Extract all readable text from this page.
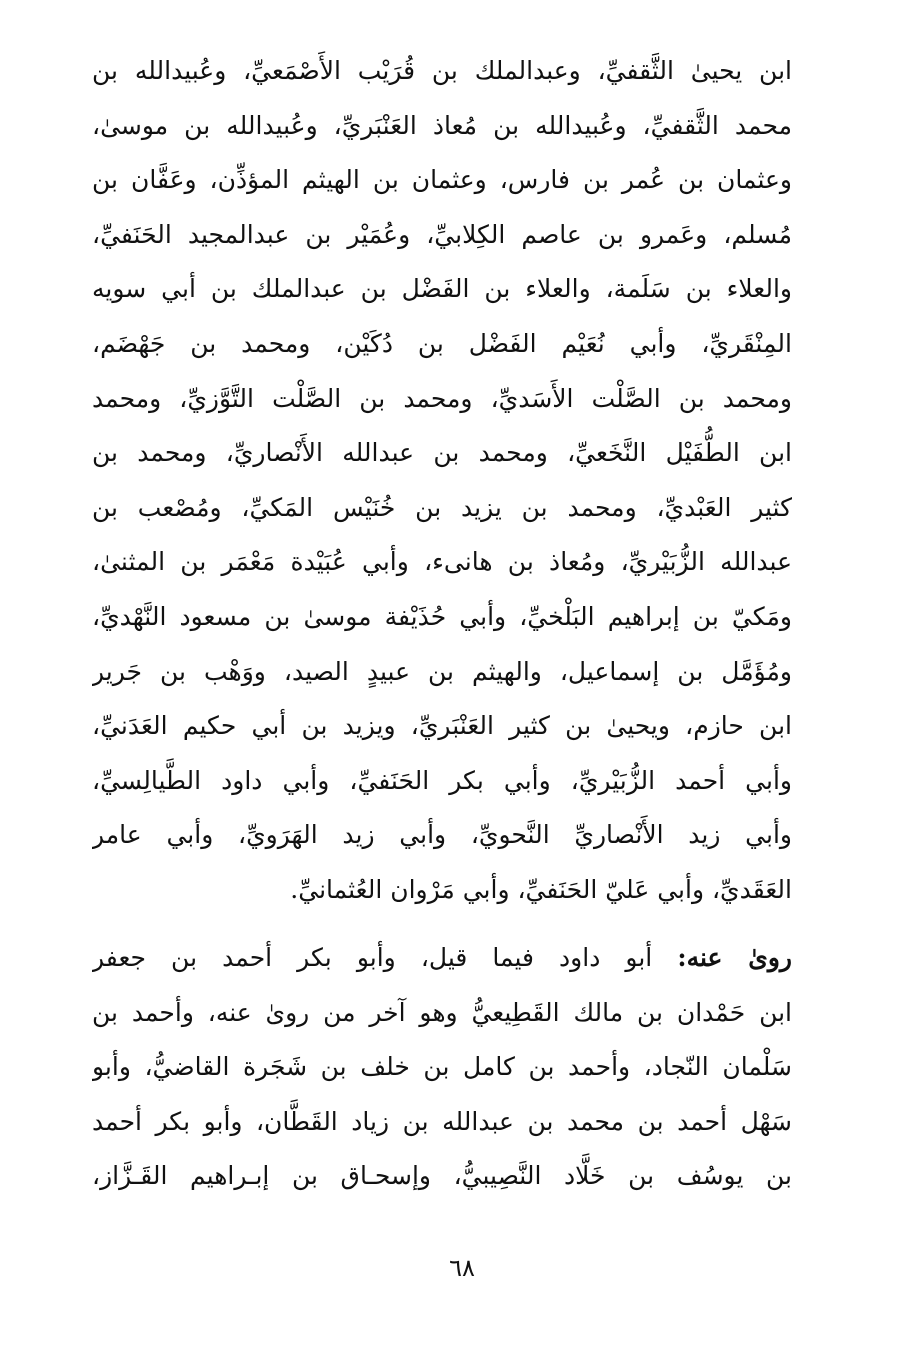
ابن يحيىٰ الثَّقفيِّ، وعبدالملك بن قُرَيْب الأَصْمَعيِّ، وعُبيدالله بن
محمد الثَّقفيِّ، وعُبيدالله بن مُعاذ العَنْبَريِّ، وعُبيدالله بن موسىٰ،
وعثمان بن عُمر بن فارس، وعثمان بن الهيثم المؤذِّن، وعَفَّان بن
مُسلم، وعَمرو بن عاصم الكِلابيِّ، وعُمَيْر بن عبدالمجيد الحَنَفيِّ،
والعلاء بن سَلَمة، والعلاء بن الفَضْل بن عبدالملك بن أبي سويه
المِنْقَريِّ، وأبي نُعَيْم الفَضْل بن دُكَيْن، ومحمد بن جَهْضَم،
ومحمد بن الصَّلْت الأَسَديِّ، ومحمد بن الصَّلْت التَّوَّزيِّ، ومحمد
ابن الطُّفَيْل النَّخَعيِّ، ومحمد بن عبدالله الأَنْصاريِّ، ومحمد بن
كثير العَبْديِّ، ومحمد بن يزيد بن خُنَيْس المَكيِّ، ومُصْعب بن
عبدالله الزُّبَيْريِّ، ومُعاذ بن هانىء، وأبي عُبَيْدة مَعْمَر بن المثنىٰ،
ومَكيّ بن إبراهيم البَلْخيِّ، وأبي حُذَيْفة موسىٰ بن مسعود النَّهْديِّ،
ومُؤَمَّل بن إسماعيل، والهيثم بن عبيدٍ الصيد، ووَهْب بن جَرير
ابن حازم، ويحيىٰ بن كثير العَنْبَريِّ، ويزيد بن أبي حكيم العَدَنيِّ،
وأبي أحمد الزُّبَيْريِّ، وأبي بكر الحَنَفيِّ، وأبي داود الطَّيالِسيِّ،
وأبي زيد الأَنْصاريِّ النَّحويِّ، وأبي زيد الهَرَويِّ، وأبي عامر
العَقَديِّ، وأبي عَليّ الحَنَفيِّ، وأبي مَرْوان العُثمانيِّ.
روىٰ عنه: أبو داود فيما قيل، وأبو بكر أحمد بن جعفر
ابن حَمْدان بن مالك القَطِيعيُّ وهو آخر من روىٰ عنه، وأحمد بن
سَلْمان النّجاد، وأحمد بن كامل بن خلف بن شَجَرة القاضيُّ، وأبو
سَهْل أحمد بن محمد بن عبدالله بن زياد القَطَّان، وأبو بكر أحمد
بن يوسُف بن خَلَّاد النَّصِيبيُّ، وإسحـاق بن إبـراهيم القَـزَّاز،
٦٨
